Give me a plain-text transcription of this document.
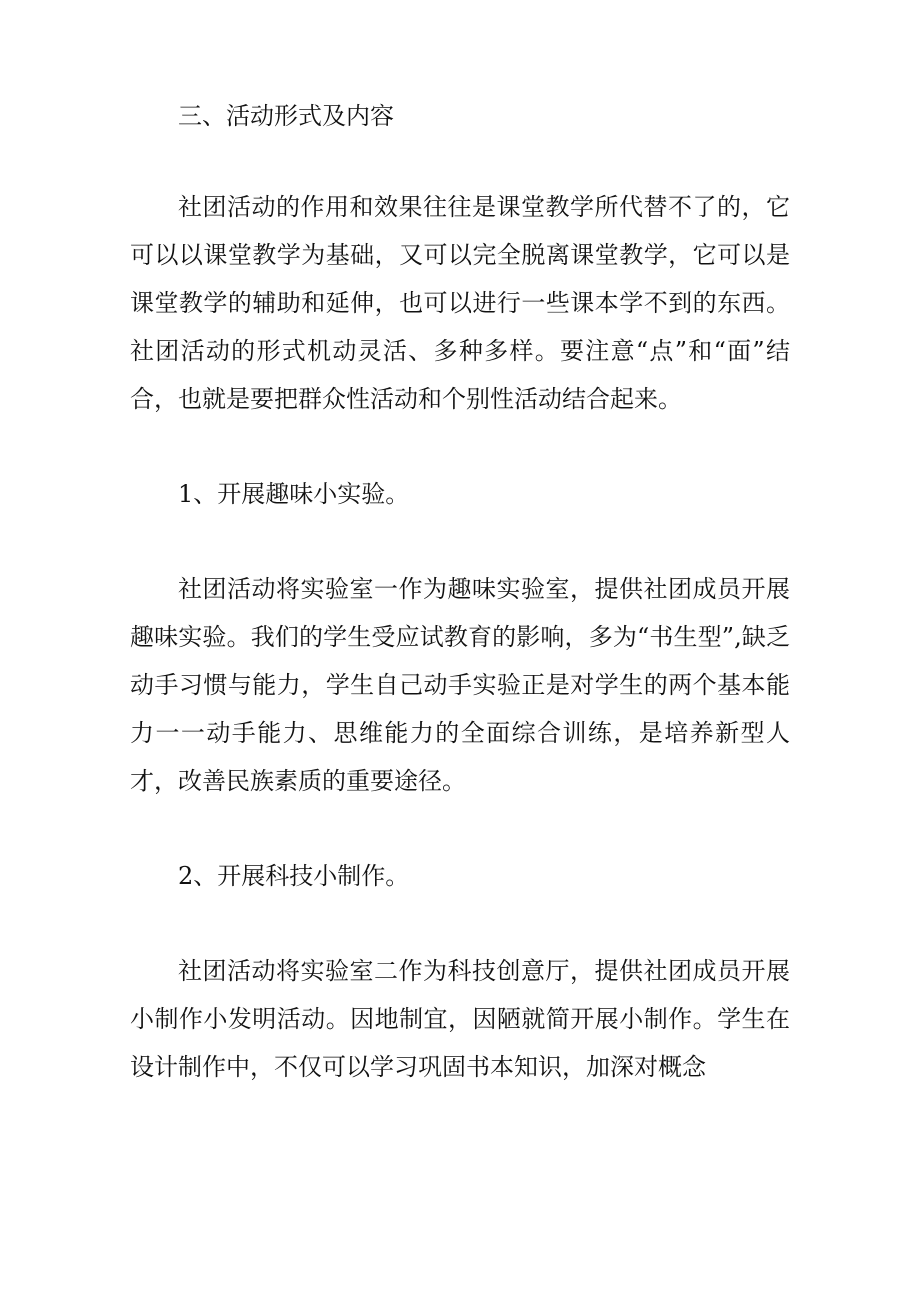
三、活动形式及内容

社团活动的作用和效果往往是课堂教学所代替不了的，它可以以课堂教学为基础，又可以完全脱离课堂教学，它可以是课堂教学的辅助和延伸，也可以进行一些课本学不到的东西。社团活动的形式机动灵活、多种多样。要注意“点”和“面”结合，也就是要把群众性活动和个别性活动结合起来。

1、开展趣味小实验。

社团活动将实验室一作为趣味实验室，提供社团成员开展趣味实验。我们的学生受应试教育的影响，多为“书生型”,缺乏动手习惯与能力，学生自己动手实验正是对学生的两个基本能力一一动手能力、思维能力的全面综合训练，是培养新型人才，改善民族素质的重要途径。

2、开展科技小制作。

社团活动将实验室二作为科技创意厅，提供社团成员开展小制作小发明活动。因地制宜，因陋就简开展小制作。学生在设计制作中，不仅可以学习巩固书本知识，加深对概念
